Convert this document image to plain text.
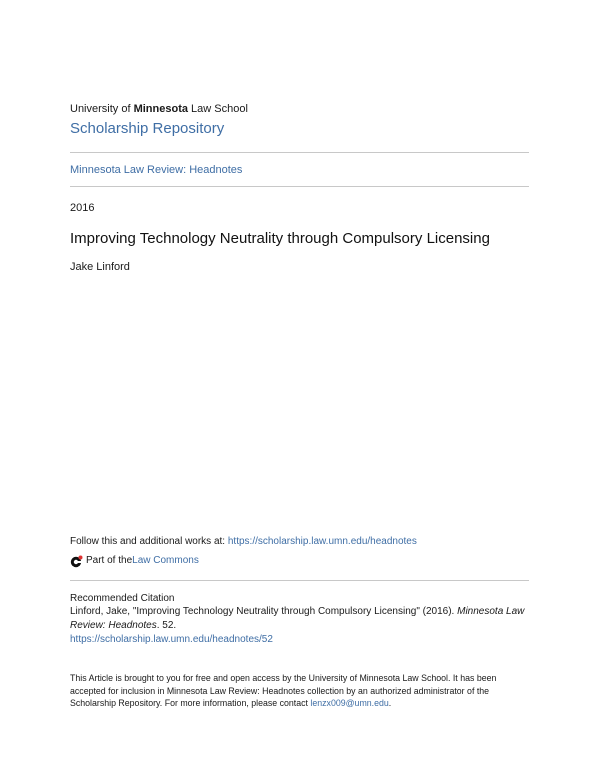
University of Minnesota Law School
Scholarship Repository
Minnesota Law Review: Headnotes
2016
Improving Technology Neutrality through Compulsory Licensing
Jake Linford
Follow this and additional works at: https://scholarship.law.umn.edu/headnotes
Part of the Law Commons
Recommended Citation
Linford, Jake, "Improving Technology Neutrality through Compulsory Licensing" (2016). Minnesota Law
Review: Headnotes. 52.
https://scholarship.law.umn.edu/headnotes/52
This Article is brought to you for free and open access by the University of Minnesota Law School. It has been
accepted for inclusion in Minnesota Law Review: Headnotes collection by an authorized administrator of the
Scholarship Repository. For more information, please contact lenzx009@umn.edu.
